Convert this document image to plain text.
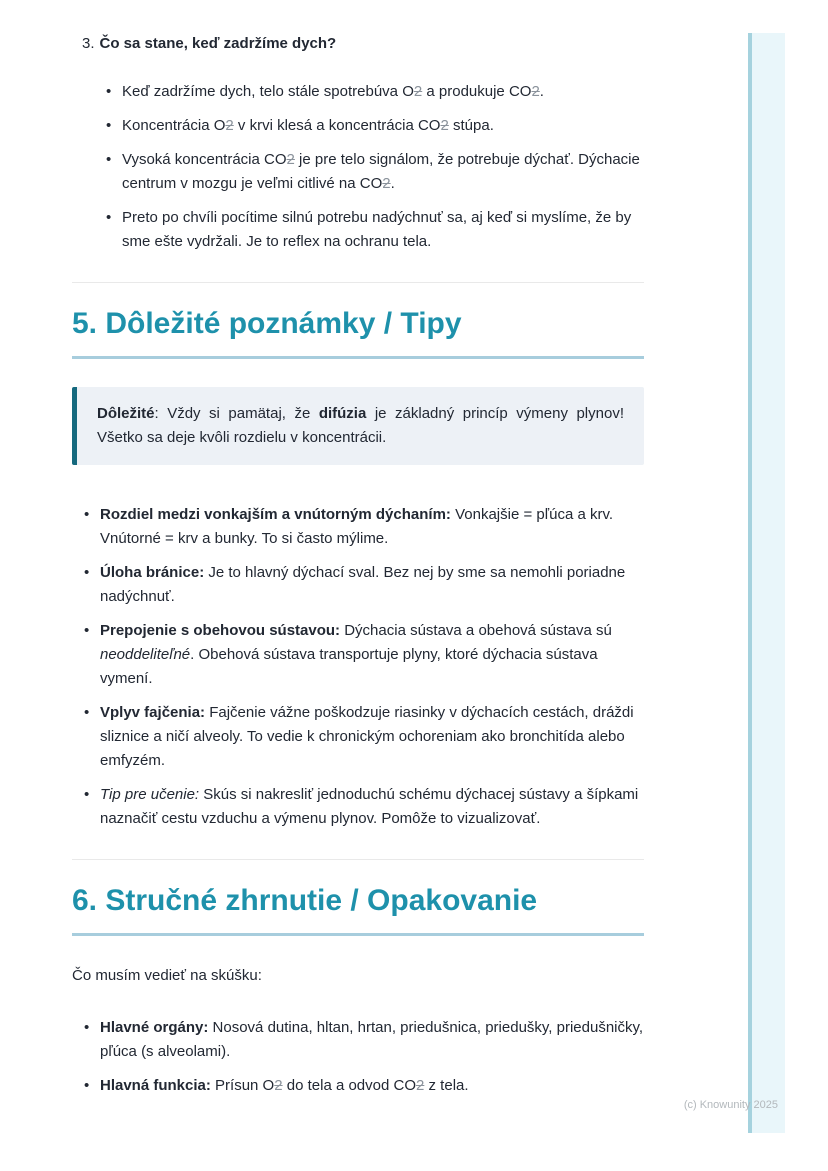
3. Čo sa stane, keď zadržíme dych?
• Keď zadržíme dych, telo stále spotrebúva O2 a produkuje CO2.
• Koncentrácia O2 v krvi klesá a koncentrácia CO2 stúpa.
• Vysoká koncentrácia CO2 je pre telo signálom, že potrebuje dýchať. Dýchacie centrum v mozgu je veľmi citlivé na CO2.
• Preto po chvíli pocítime silnú potrebu nadýchnuť sa, aj keď si myslíme, že by sme ešte vydržali. Je to reflex na ochranu tela.
5. Dôležité poznámky / Tipy

Dôležité: Vždy si pamätaj, že difúzia je základný princíp výmeny plynov! Všetko sa deje kvôli rozdielu v koncentrácii.

• Rozdiel medzi vonkajším a vnútorným dýchaním: Vonkajšie = pľúca a krv. Vnútorné = krv a bunky. To si často mýlime.
• Úloha bránice: Je to hlavný dýchací sval. Bez nej by sme sa nemohli poriadne nadýchnuť.
• Prepojenie s obehovou sústavou: Dýchacia sústava a obehová sústava sú neoddeliteľné. Obehová sústava transportuje plyny, ktoré dýchacia sústava vymení.
• Vplyv fajčenia: Fajčenie vážne poškodzuje riasinky v dýchacích cestách, dráždi sliznice a ničí alveoly. To vedie k chronickým ochoreniam ako bronchitída alebo emfyzém.
• Tip pre učenie: Skús si nakresliť jednoduchú schému dýchacej sústavy a šípkami naznačiť cestu vzduchu a výmenu plynov. Pomôže to vizualizovať.
6. Stručné zhrnutie / Opakovanie

Čo musím vedieť na skúšku:

• Hlavné orgány: Nosová dutina, hltan, hrtan, priedušnica, priedušky, priedušničky, pľúca (s alveolami).
• Hlavná funkcia: Prísun O2 do tela a odvod CO2 z tela.
(c) Knowunity 2025
